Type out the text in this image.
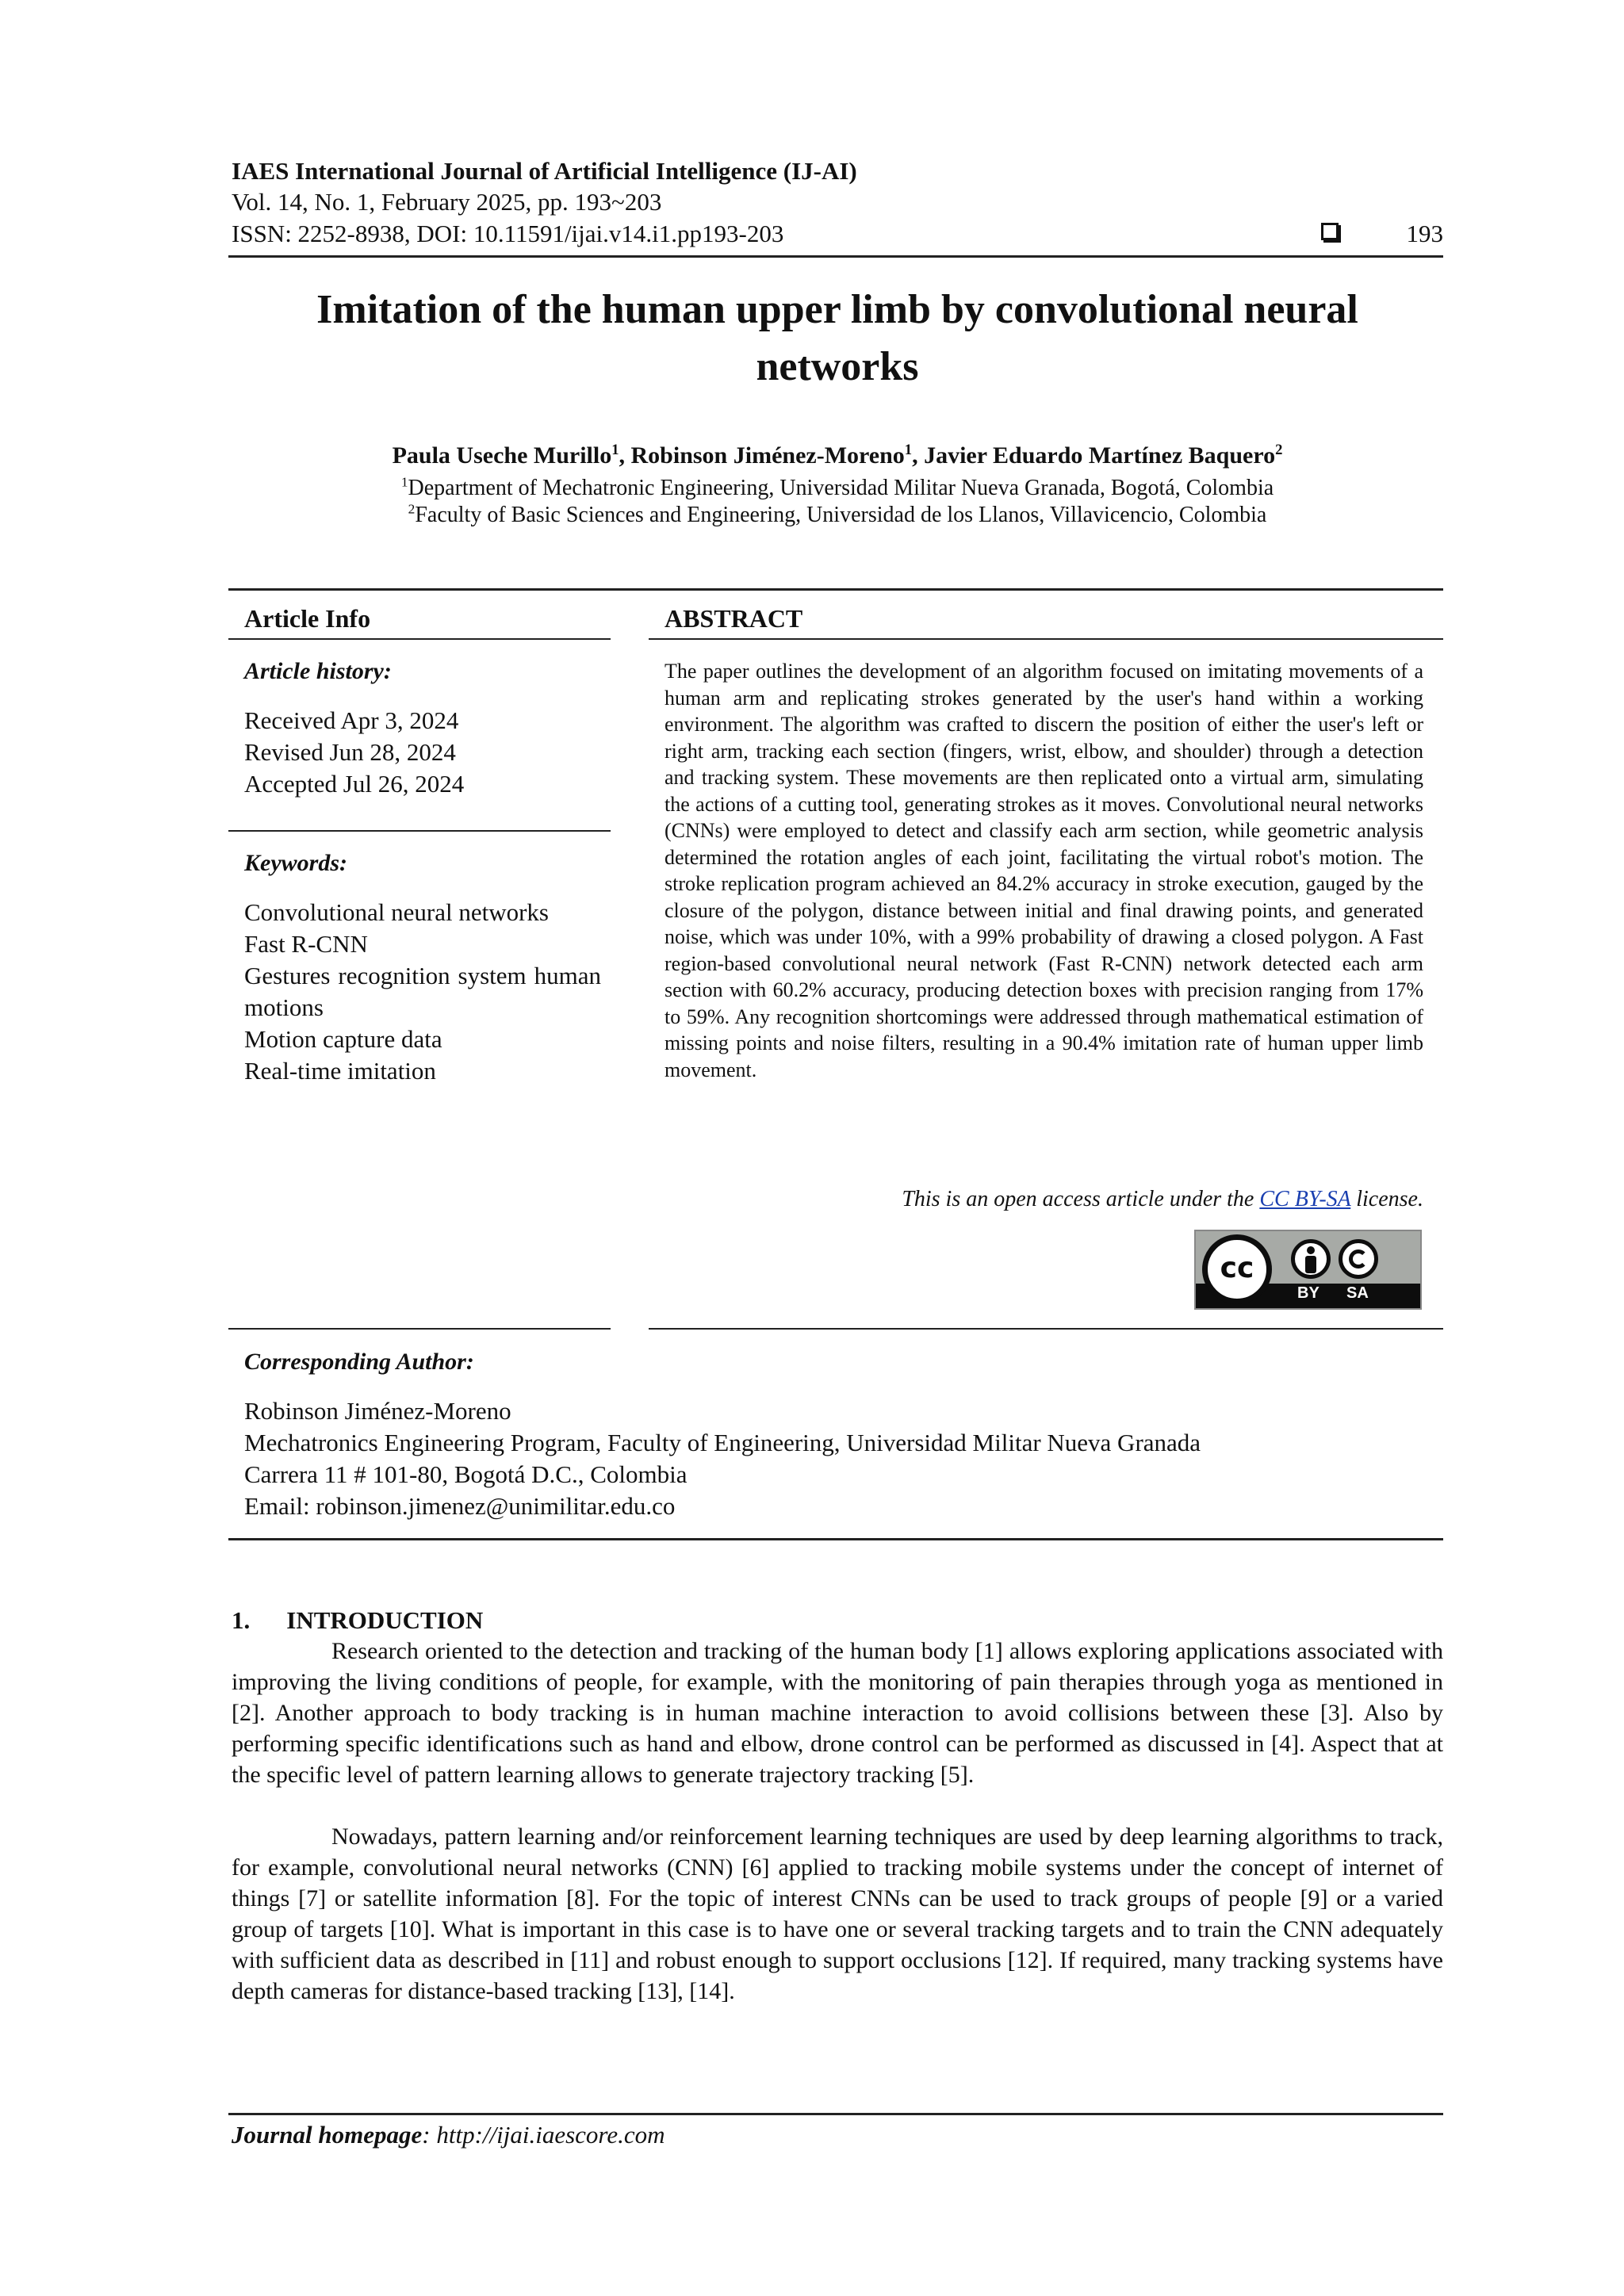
IAES International Journal of Artificial Intelligence (IJ-AI)
Vol. 14, No. 1, February 2025, pp. 193~203
ISSN: 2252-8938, DOI: 10.11591/ijai.v14.i1.pp193-203	193
Imitation of the human upper limb by convolutional neural networks
Paula Useche Murillo$^1$, Robinson Jiménez-Moreno$^1$, Javier Eduardo Martínez Baquero$^2$
$^1$Department of Mechatronic Engineering, Universidad Militar Nueva Granada, Bogotá, Colombia
$^2$Faculty of Basic Sciences and Engineering, Universidad de los Llanos, Villavicencio, Colombia
Article Info
Article history:
Received Apr 3, 2024
Revised Jun 28, 2024
Accepted Jul 26, 2024
Keywords:
Convolutional neural networks
Fast R-CNN
Gestures recognition system human motions
Motion capture data
Real-time imitation
ABSTRACT
The paper outlines the development of an algorithm focused on imitating movements of a human arm and replicating strokes generated by the user's hand within a working environment. The algorithm was crafted to discern the position of either the user's left or right arm, tracking each section (fingers, wrist, elbow, and shoulder) through a detection and tracking system. These movements are then replicated onto a virtual arm, simulating the actions of a cutting tool, generating strokes as it moves. Convolutional neural networks (CNNs) were employed to detect and classify each arm section, while geometric analysis determined the rotation angles of each joint, facilitating the virtual robot's motion. The stroke replication program achieved an 84.2% accuracy in stroke execution, gauged by the closure of the polygon, distance between initial and final drawing points, and generated noise, which was under 10%, with a 99% probability of drawing a closed polygon. A Fast region-based convolutional neural network (Fast R-CNN) network detected each arm section with 60.2% accuracy, producing detection boxes with precision ranging from 17% to 59%. Any recognition shortcomings were addressed through mathematical estimation of missing points and noise filters, resulting in a 90.4% imitation rate of human upper limb movement.
This is an open access article under the CC BY-SA license.
cc
BY SA
Corresponding Author:
Robinson Jiménez-Moreno
Mechatronics Engineering Program, Faculty of Engineering, Universidad Militar Nueva Granada
Carrera 11 # 101-80, Bogotá D.C., Colombia
Email: robinson.jimenez@unimilitar.edu.co
1. INTRODUCTION
Research oriented to the detection and tracking of the human body [1] allows exploring applications associated with improving the living conditions of people, for example, with the monitoring of pain therapies through yoga as mentioned in [2]. Another approach to body tracking is in human machine interaction to avoid collisions between these [3]. Also by performing specific identifications such as hand and elbow, drone control can be performed as discussed in [4]. Aspect that at the specific level of pattern learning allows to generate trajectory tracking [5].
Nowadays, pattern learning and/or reinforcement learning techniques are used by deep learning algorithms to track, for example, convolutional neural networks (CNN) [6] applied to tracking mobile systems under the concept of internet of things [7] or satellite information [8]. For the topic of interest CNNs can be used to track groups of people [9] or a varied group of targets [10]. What is important in this case is to have one or several tracking targets and to train the CNN adequately with sufficient data as described in [11] and robust enough to support occlusions [12]. If required, many tracking systems have depth cameras for distance-based tracking [13], [14].
Journal homepage: http://ijai.iaescore.com
